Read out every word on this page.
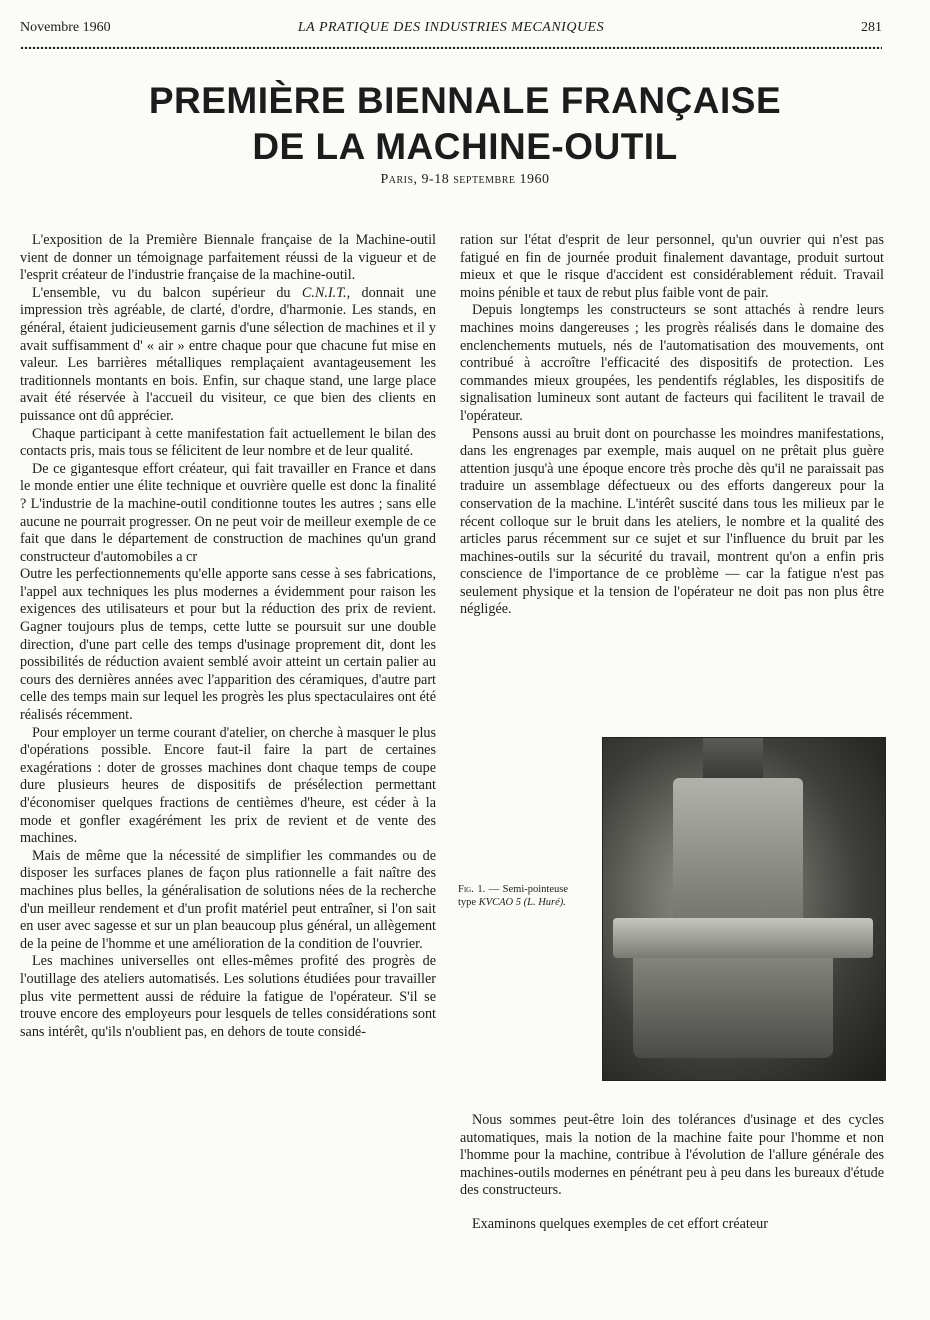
Novembre 1960	LA PRATIQUE DES INDUSTRIES MECANIQUES	281
PREMIÈRE BIENNALE FRANÇAISE
DE LA MACHINE-OUTIL
Paris, 9-18 septembre 1960

L'exposition de la Première Biennale française de la Machine-outil vient de donner un témoignage parfaitement réussi de la vigueur et de l'esprit créateur de l'industrie française de la machine-outil.

L'ensemble, vu du balcon supérieur du C.N.I.T., donnait une impression très agréable, de clarté, d'ordre, d'harmonie. Les stands, en général, étaient judicieusement garnis d'une sélection de machines et il y avait suffisamment d' « air » entre chaque pour que chacune fut mise en valeur. Les barrières métalliques remplaçaient avantageusement les traditionnels montants en bois. Enfin, sur chaque stand, une large place avait été réservée à l'accueil du visiteur, ce que bien des clients en puissance ont dû apprécier.

Chaque participant à cette manifestation fait actuellement le bilan des contacts pris, mais tous se félicitent de leur nombre et de leur qualité.

De ce gigantesque effort créateur, qui fait travailler en France et dans le monde entier une élite technique et ouvrière quelle est donc la finalité ? L'industrie de la machine-outil conditionne toutes les autres ; sans elle aucune ne pourrait progresser. On ne peut voir de meilleur exemple de ce fait que dans le département de construction de machines qu'un grand constructeur d'automobiles a cr

Outre les perfectionnements qu'elle apporte sans cesse à ses fabrications, l'appel aux techniques les plus modernes a évidemment pour raison les exigences des utilisateurs et pour but la réduction des prix de revient. Gagner toujours plus de temps, cette lutte se poursuit sur une double direction, d'une part celle des temps d'usinage proprement dit, dont les possibilités de réduction avaient semblé avoir atteint un certain palier au cours des dernières années avec l'apparition des céramiques, d'autre part celle des temps main sur lequel les progrès les plus spectaculaires ont été réalisés récemment.

Pour employer un terme courant d'atelier, on cherche à masquer le plus d'opérations possible. Encore faut-il faire la part de certaines exagérations : doter de grosses machines dont chaque temps de coupe dure plusieurs heures de dispositifs de présélection permettant d'économiser quelques fractions de centièmes d'heure, est céder à la mode et gonfler exagérément les prix de revient et de vente des machines.

Mais de même que la nécessité de simplifier les commandes ou de disposer les surfaces planes de façon plus rationnelle a fait naître des machines plus belles, la généralisation de solutions nées de la recherche d'un meilleur rendement et d'un profit matériel peut entraîner, si l'on sait en user avec sagesse et sur un plan beaucoup plus général, un allègement de la peine de l'homme et une amélioration de la condition de l'ouvrier.

Les machines universelles ont elles-mêmes profité des progrès de l'outillage des ateliers automatisés. Les solutions étudiées pour travailler plus vite permettent aussi de réduire la fatigue de l'opérateur. S'il se trouve encore des employeurs pour lesquels de telles considérations sont sans intérêt, qu'ils n'oublient pas, en dehors de toute considé-

ration sur l'état d'esprit de leur personnel, qu'un ouvrier qui n'est pas fatigué en fin de journée produit finalement davantage, produit surtout mieux et que le risque d'accident est considérablement réduit. Travail moins pénible et taux de rebut plus faible vont de pair.

Depuis longtemps les constructeurs se sont attachés à rendre leurs machines moins dangereuses ; les progrès réalisés dans le domaine des enclenchements mutuels, nés de l'automatisation des mouvements, ont contribué à accroître l'efficacité des dispositifs de protection. Les commandes mieux groupées, les pendentifs réglables, les dispositifs de signalisation lumineux sont autant de facteurs qui facilitent le travail de l'opérateur.

Pensons aussi au bruit dont on pourchasse les moindres manifestations, dans les engrenages par exemple, mais auquel on ne prêtait plus guère attention jusqu'à une époque encore très proche dès qu'il ne paraissait pas traduire un assemblage défectueux ou des efforts dangereux pour la conservation de la machine. L'intérêt suscité dans tous les milieux par le récent colloque sur le bruit dans les ateliers, le nombre et la qualité des articles parus récemment sur ce sujet et sur l'influence du bruit par les machines-outils sur la sécurité du travail, montrent qu'on a enfin pris conscience de l'importance de ce problème — car la fatigue n'est pas seulement physique et la tension de l'opérateur ne doit pas non plus être négligée.

Fig. 1. — Semi-pointeuse type KVCAO 5 (L. Huré).

Nous sommes peut-être loin des tolérances d'usinage et des cycles automatiques, mais la notion de la machine faite pour l'homme et non l'homme pour la machine, contribue à l'évolution de l'allure générale des machines-outils modernes en pénétrant peu à peu dans les bureaux d'étude des constructeurs.

Examinons quelques exemples de cet effort créateur
